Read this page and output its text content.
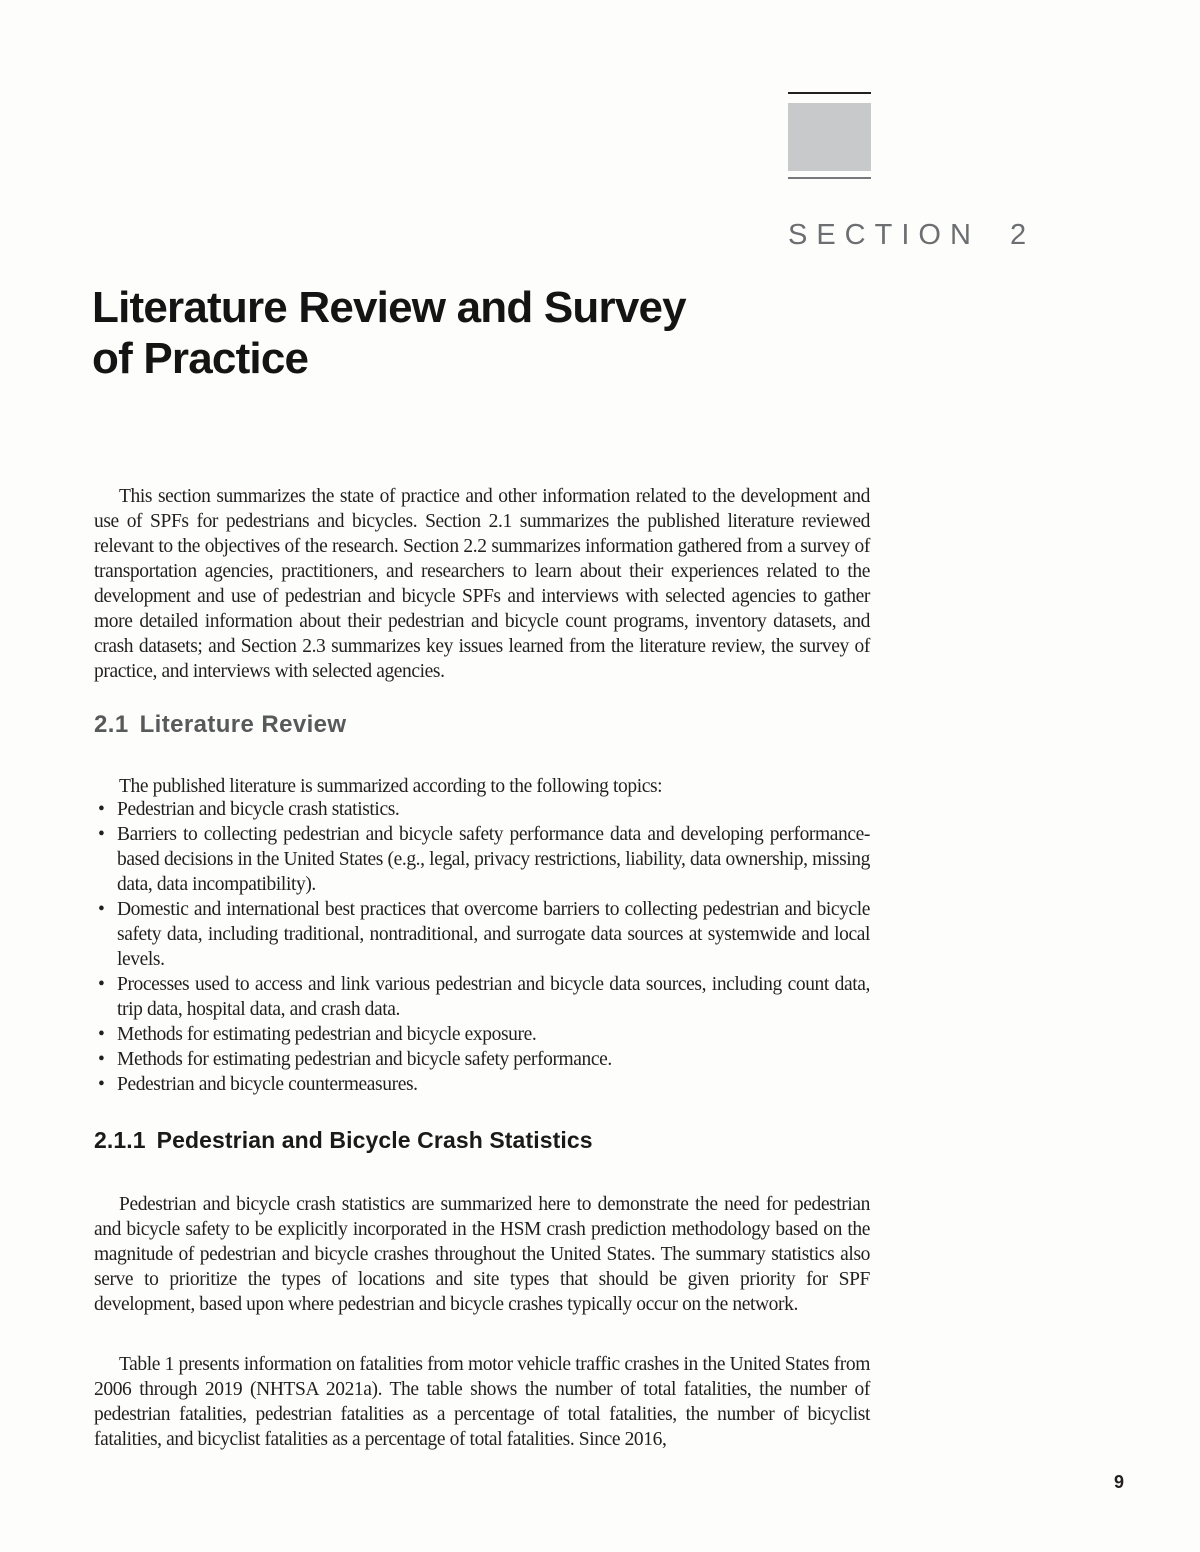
SECTION 2
Literature Review and Survey
of Practice

This section summarizes the state of practice and other information related to the development and use of SPFs for pedestrians and bicycles. Section 2.1 summarizes the published literature reviewed relevant to the objectives of the research. Section 2.2 summarizes information gathered from a survey of transportation agencies, practitioners, and researchers to learn about their experiences related to the development and use of pedestrian and bicycle SPFs and interviews with selected agencies to gather more detailed information about their pedestrian and bicycle count programs, inventory datasets, and crash datasets; and Section 2.3 summarizes key issues learned from the literature review, the survey of practice, and interviews with selected agencies.

2.1 Literature Review

The published literature is summarized according to the following topics:

• Pedestrian and bicycle crash statistics.
• Barriers to collecting pedestrian and bicycle safety performance data and developing performance-based decisions in the United States (e.g., legal, privacy restrictions, liability, data ownership, missing data, data incompatibility).
• Domestic and international best practices that overcome barriers to collecting pedestrian and bicycle safety data, including traditional, nontraditional, and surrogate data sources at systemwide and local levels.
• Processes used to access and link various pedestrian and bicycle data sources, including count data, trip data, hospital data, and crash data.
• Methods for estimating pedestrian and bicycle exposure.
• Methods for estimating pedestrian and bicycle safety performance.
• Pedestrian and bicycle countermeasures.
2.1.1 Pedestrian and Bicycle Crash Statistics

Pedestrian and bicycle crash statistics are summarized here to demonstrate the need for pedestrian and bicycle safety to be explicitly incorporated in the HSM crash prediction methodology based on the magnitude of pedestrian and bicycle crashes throughout the United States. The summary statistics also serve to prioritize the types of locations and site types that should be given priority for SPF development, based upon where pedestrian and bicycle crashes typically occur on the network.

Table 1 presents information on fatalities from motor vehicle traffic crashes in the United States from 2006 through 2019 (NHTSA 2021a). The table shows the number of total fatalities, the number of pedestrian fatalities, pedestrian fatalities as a percentage of total fatalities, the number of bicyclist fatalities, and bicyclist fatalities as a percentage of total fatalities. Since 2016,

9
